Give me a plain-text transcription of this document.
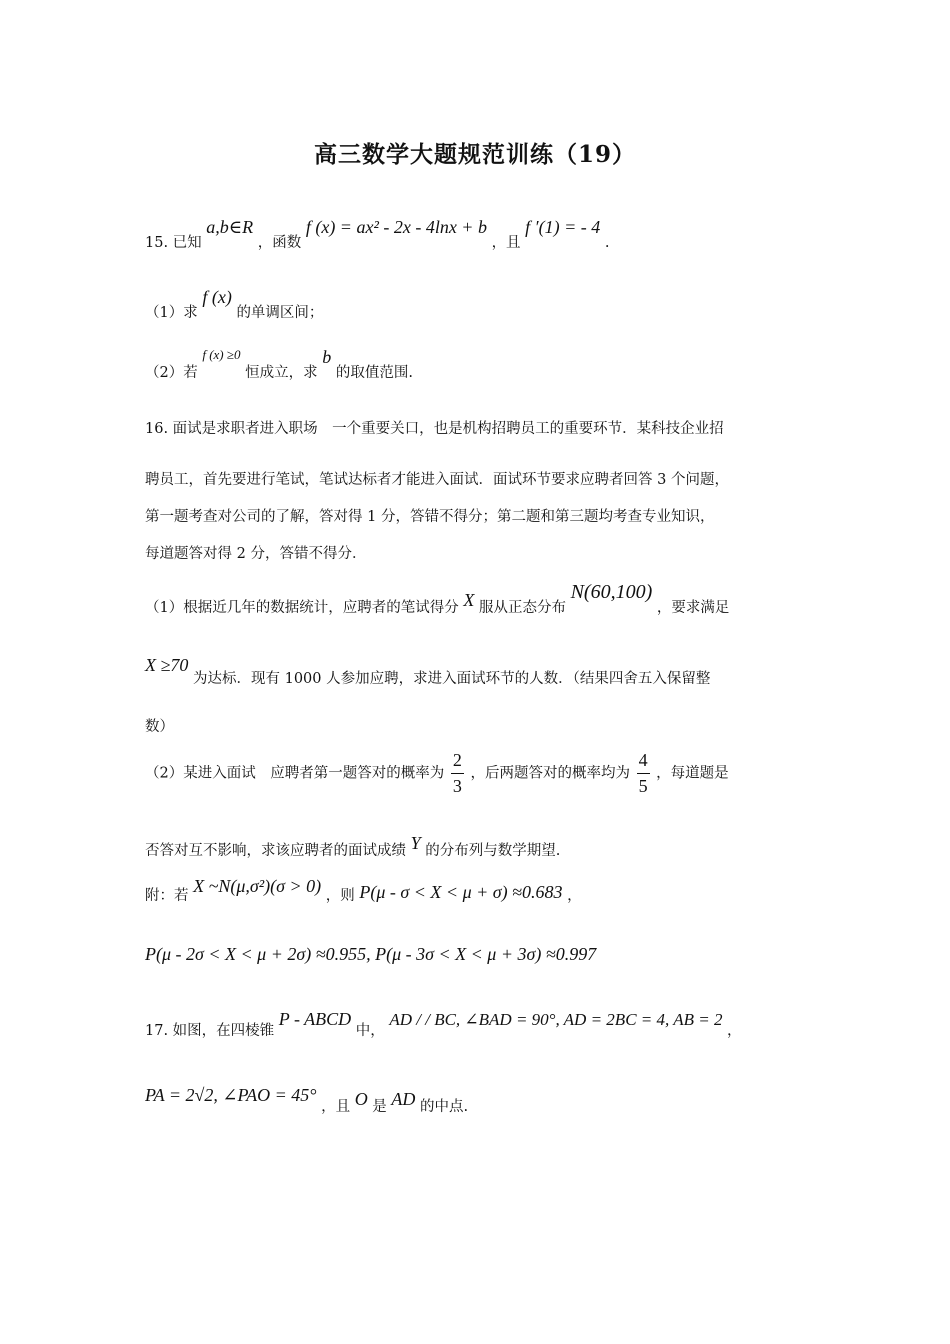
高三数学大题规范训练（19）
15. 已知 a,b∈R ，函数 f (x) = ax² - 2x - 4lnx + b ，且 f ′(1) = - 4 .
（1）求 f (x) 的单调区间；
（2）若 f (x) ≥0 恒成立，求 b 的取值范围.
16. 面试是求职者进入职场　一个重要关口，也是机构招聘员工的重要环节．某科技企业招
聘员工，首先要进行笔试，笔试达标者才能进入面试．面试环节要求应聘者回答 3 个问题，
第一题考查对公司的了解，答对得 1 分，答错不得分；第二题和第三题均考查专业知识，
每道题答对得 2 分，答错不得分．
（1）根据近几年的数据统计，应聘者的笔试得分 X 服从正态分布 N(60,100) ，要求满足
X ≥70 为达标．现有 1000 人参加应聘，求进入面试环节的人数．（结果四舍五入保留整
数）
（2）某进入面试　应聘者第一题答对的概率为 $\frac{2}{3}$ ，后两题答对的概率均为 $\frac{4}{5}$ ，每道题是
否答对互不影响，求该应聘者的面试成绩 Y 的分布列与数学期望.
附：若 X ~N(μ,σ²)(σ > 0) ，则 P(μ - σ < X < μ + σ) ≈0.683 ，
P(μ - 2σ < X < μ + 2σ) ≈0.955, P(μ - 3σ < X < μ + 3σ) ≈0.997
17. 如图，在四棱锥 P - ABCD 中， AD / / BC, ∠BAD = 90°, AD = 2BC = 4, AB = 2 ，
PA = 2√2, ∠PAO = 45° ，且 O 是 AD 的中点.
